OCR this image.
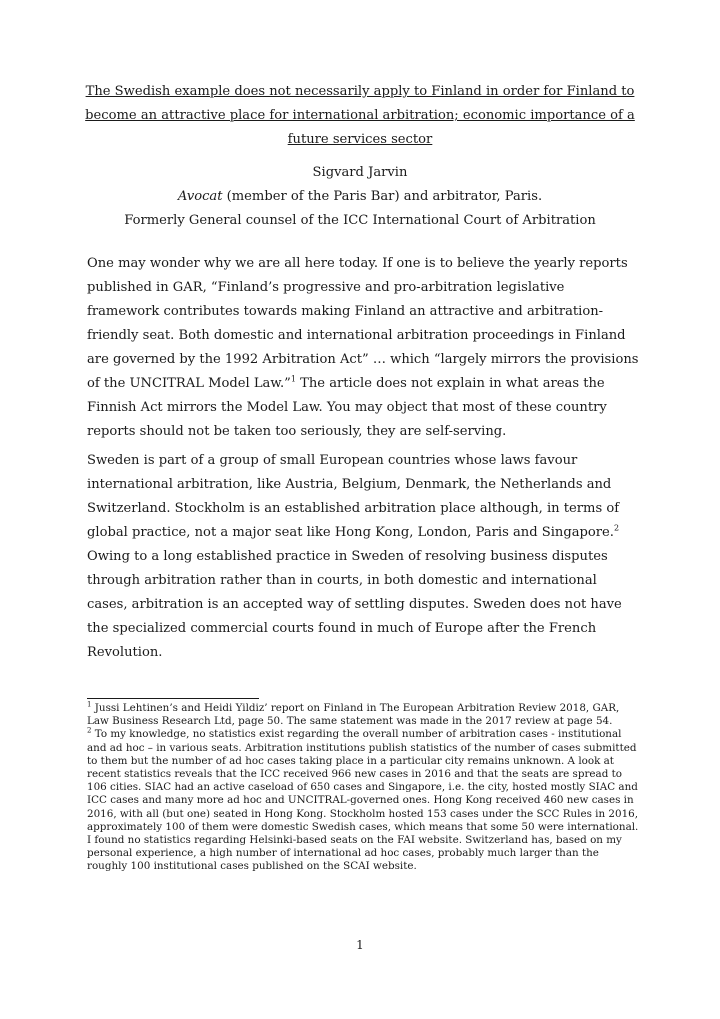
The Swedish example does not necessarily apply to Finland in order for Finland to become an attractive place for international arbitration; economic importance of a future services sector
Sigvard Jarvin
Avocat (member of the Paris Bar) and arbitrator, Paris.
Formerly General counsel of the ICC International Court of Arbitration

One may wonder why we are all here today. If one is to believe the yearly reports published in GAR, “Finland’s progressive and pro-arbitration legislative framework contributes towards making Finland an attractive and arbitration-friendly seat. Both domestic and international arbitration proceedings in Finland are governed by the 1992 Arbitration Act” … which “largely mirrors the provisions of the UNCITRAL Model Law.”$^1$ The article does not explain in what areas the Finnish Act mirrors the Model Law. You may object that most of these country reports should not be taken too seriously, they are self-serving.

Sweden is part of a group of small European countries whose laws favour international arbitration, like Austria, Belgium, Denmark, the Netherlands and Switzerland. Stockholm is an established arbitration place although, in terms of global practice, not a major seat like Hong Kong, London, Paris and Singapore.$^2$ Owing to a long established practice in Sweden of resolving business disputes through arbitration rather than in courts, in both domestic and international cases, arbitration is an accepted way of settling disputes. Sweden does not have the specialized commercial courts found in much of Europe after the French Revolution.

$^1$ Jussi Lehtinen’s and Heidi Yildiz’ report on Finland in The European Arbitration Review 2018, GAR, Law Business Research Ltd, page 50. The same statement was made in the 2017 review at page 54.

$^2$ To my knowledge, no statistics exist regarding the overall number of arbitration cases - institutional and ad hoc – in various seats. Arbitration institutions publish statistics of the number of cases submitted to them but the number of ad hoc cases taking place in a particular city remains unknown. A look at recent statistics reveals that the ICC received 966 new cases in 2016 and that the seats are spread to 106 cities. SIAC had an active caseload of 650 cases and Singapore, i.e. the city, hosted mostly SIAC and ICC cases and many more ad hoc and UNCITRAL-governed ones. Hong Kong received 460 new cases in 2016, with all (but one) seated in Hong Kong. Stockholm hosted 153 cases under the SCC Rules in 2016, approximately 100 of them were domestic Swedish cases, which means that some 50 were international. I found no statistics regarding Helsinki-based seats on the FAI website. Switzerland has, based on my personal experience, a high number of international ad hoc cases, probably much larger than the roughly 100 institutional cases published on the SCAI website.

1
